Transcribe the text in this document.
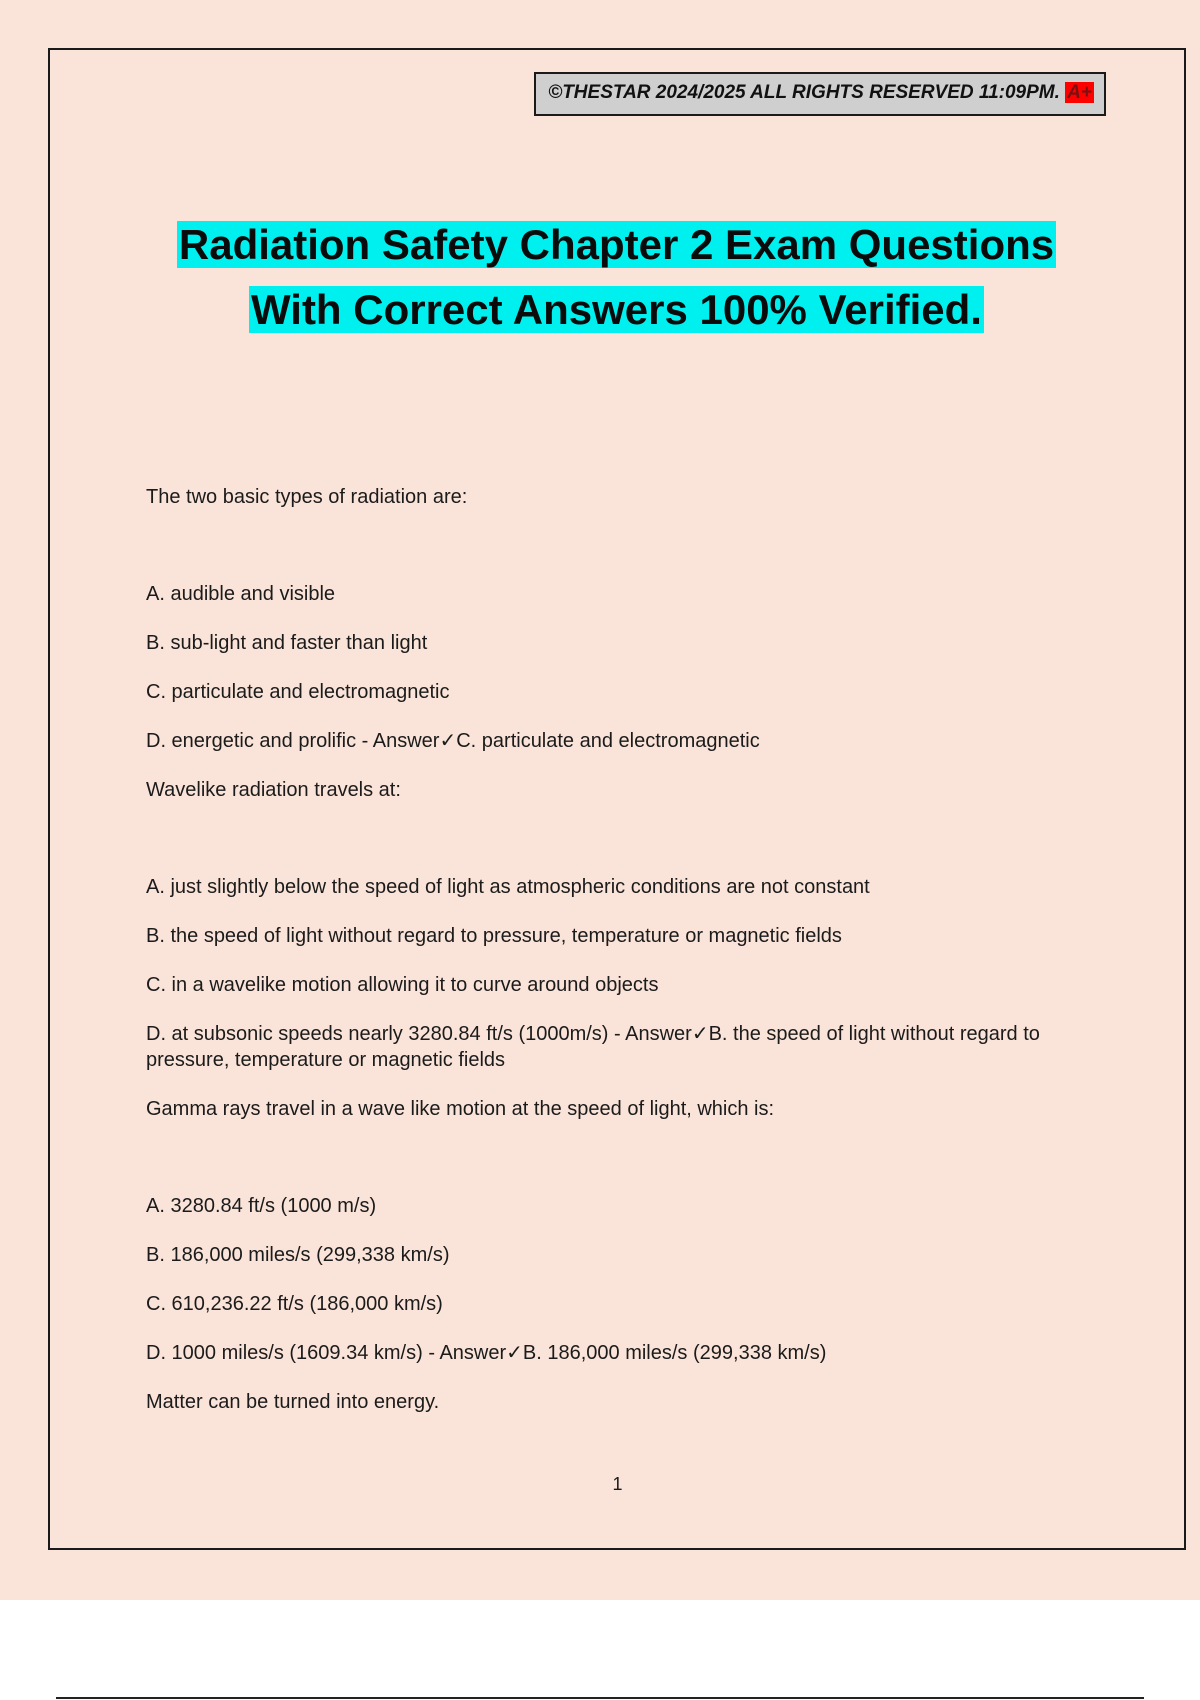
©THESTAR 2024/2025 ALL RIGHTS RESERVED 11:09PM. A+
Radiation Safety Chapter 2 Exam Questions
With Correct Answers 100% Verified.
The two basic types of radiation are:
A. audible and visible
B. sub-light and faster than light
C. particulate and electromagnetic
D. energetic and prolific - Answer✓C. particulate and electromagnetic
Wavelike radiation travels at:
A. just slightly below the speed of light as atmospheric conditions are not constant
B. the speed of light without regard to pressure, temperature or magnetic fields
C. in a wavelike motion allowing it to curve around objects
D. at subsonic speeds nearly 3280.84 ft/s (1000m/s) - Answer✓B. the speed of light without regard to pressure, temperature or magnetic fields
Gamma rays travel in a wave like motion at the speed of light, which is:
A. 3280.84 ft/s (1000 m/s)
B. 186,000 miles/s (299,338 km/s)
C. 610,236.22 ft/s (186,000 km/s)
D. 1000 miles/s (1609.34 km/s) - Answer✓B. 186,000 miles/s (299,338 km/s)
Matter can be turned into energy.
1
